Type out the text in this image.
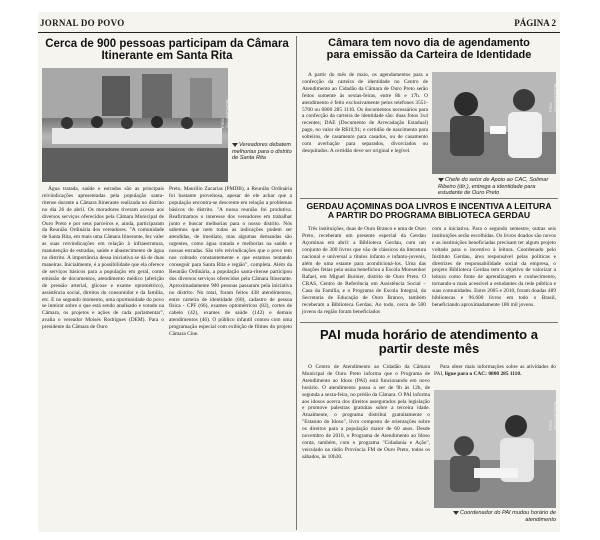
JORNAL DO POVO	PÁGINA 2
Cerca de 900 pessoas participam da Câmara
Itinerante em Santa Rita
Foto: Ascom/CMOP
Vereadores debatem melhorias para o distrito de Santa Rita

Água tratada, saúde e estradas são as principais reivindicações apresentadas pela população santa-ritense durante a Câmara Itinerante realizada no distrito no dia 26 de abril. Os moradores tiveram acesso aos diversos serviços oferecidos pela Câmara Municipal de Ouro Preto e por seus parceiros e, ainda, participaram da Reunião Ordinária dos vereadores. "A comunidade de Santa Rita, em mais uma Câmara Itinerante, fez valer as suas reivindicações em relação à infraestrutura, manutenção de estradas, saúde e abastecimento de água no distrito. A importância dessa iniciativa se dá de duas maneiras. Inicialmente, é a possibilidade que ela oferece de serviços básicos para a população em geral, como emissão de documentos, atendimento médico (aferição de pressão arterial, glicose e exame optométrico), assistência social, direitos do consumidor e da família, etc. E no segundo momento, uma oportunidade do povo se inteirar sobre o que está sendo analisado e votado na Câmara, os projetos e ações de cada parlamentar", avalia o vereador Moisés Rodrigues (DEM). Para o presidente da Câmara de Ouro

Preto, Maurílio Zacarias (PMDB), a Reunião Ordinária foi bastante proveitosa, apesar de ele achar que a população encontra-se descrente em relação a problemas básicos do distrito. "A nossa reunião foi produtiva. Reafirmamos o interesse dos vereadores em trabalhar junto e buscar melhorias para o nosso distrito. Nós sabemos que nem todas as indicações podem ser atendidas, de imediato, mas algumas demandas são urgentes, como água tratada e melhorias na saúde e nossas estradas. São três reivindicações que o povo tem nos cobrado constantemente e que estamos tentando conseguir para Santa Rita e região", completa. Além da Reunião Ordinária, a população santa-ritense participou dos diversos serviços oferecidos pela Câmara Itinerante. Aproximadamente 900 pessoas passaram pela iniciativa no distrito. No total, foram feitos 438 atendimentos, entre carteira de identidade (60), cadastro de pessoa física - CPF (66), exames optométricos (82), cortes de cabelo (42), exames de saúde (142) e demais atendimentos (46). O público infantil contou com uma programação especial com exibição de filmes do projeto Câmara Cine.

Câmara tem novo dia de agendamento
para emissão da Carteira de Identidade

A partir do mês de maio, os agendamentos para a confecção da carteira de identidade no Centro de Atendimento ao Cidadão da Câmara de Ouro Preto serão feitos somente às sextas-feiras, entre 8h e 17h. O atendimento é feito exclusivamente pelos telefones 3551-5700 ou 0800 285 1110. Os documentos necessários para a confecção da carteira de identidade são: duas fotos 3x4 recentes; DAE (Documento de Arrecadação Estadual) pago, no valor de R$10,91; e certidão de nascimento para solteiros, de casamento para casados, ou de casamento com averbação para separados, divorciados ou desquitados. A certidão deve ser original e legível.

Foto: Ascom/CMOP
Chefe do setor de Apoio ao CAC, Solimar Ribeiro (dir.), entrega a identidade para estudante de Ouro Preto
GERDAU AÇOMINAS DOA LIVROS E INCENTIVA A LEITURA
A PARTIR DO PROGRAMA BIBLIOTECA GERDAU

Três instituições, duas de Ouro Branco e uma de Ouro Preto, receberam um presente especial da Gerdau Açominas em abril: a Biblioteca Gerdau, com um conjunto de 300 livros que vão de clássicos da literatura nacional e universal a títulos infanto e infanto-juvenis, além de uma estante para acondicioná-los. Uma das doações feitas pela usina beneficiou a Escola Monsenhor Rafael, em Miguel Burnier, distrito de Ouro Preto. O CRAS, Centro de Referência em Assistência Social – Casa da Família, e o Programa de Escola Integral, da Secretaria de Educação de Ouro Branco, também receberam a Biblioteca Gerdau. Ao todo, cerca de 500 jovens da região foram beneficiados

com a iniciativa. Para o segundo semestre, outras seis instituições serão escolhidas. Os livros doados são novos e as instituições beneficiadas precisam ter algum projeto voltado para o incentivo à leitura. Coordenado pelo Instituto Gerdau, área responsável pelas políticas e diretrizes de responsabilidade social da empresa, o projeto Biblioteca Gerdau tem o objetivo de valorizar a leitura como fonte de aprendizagem e conhecimento, tornando-a mais acessível a estudantes da rede pública e suas comunidades. Entre 2005 e 2010, foram doadas 489 bibliotecas e 96.600 livros em todo o Brasil, beneficiando aproximadamente 186 mil jovens.

PAI muda horário de atendimento a
partir deste mês

O Centro de Atendimento ao Cidadão da Câmara Municipal de Ouro Preto informa que o Programa de Atendimento ao Idoso (PAI) está funcionando em novo horário. O atendimento passa a ser de 9h às 12h, de segunda a sexta-feira, no prédio da Câmara. O PAI informa aos idosos acerca dos direitos assegurados pela legislação e promove palestras gratuitas sobre a terceira idade. Atualmente, o programa distribui gratuitamente o "Estatuto do Idoso", livro composto de orientações sobre os direitos para a população maior de 60 anos. Desde novembro de 2010, o Programa de Atendimento ao Idoso conta, também, com o programa "Cidadania e Ação", veiculado na rádio Província FM de Ouro Preto, todos os sábados, às 10h30.

Para obter mais informações sobre as atividades do PAI, ligue para o CAC: 0800 285 1110.

Foto: Ascom/CMOP
Coordenador do PAI mudou horário de atendimento
